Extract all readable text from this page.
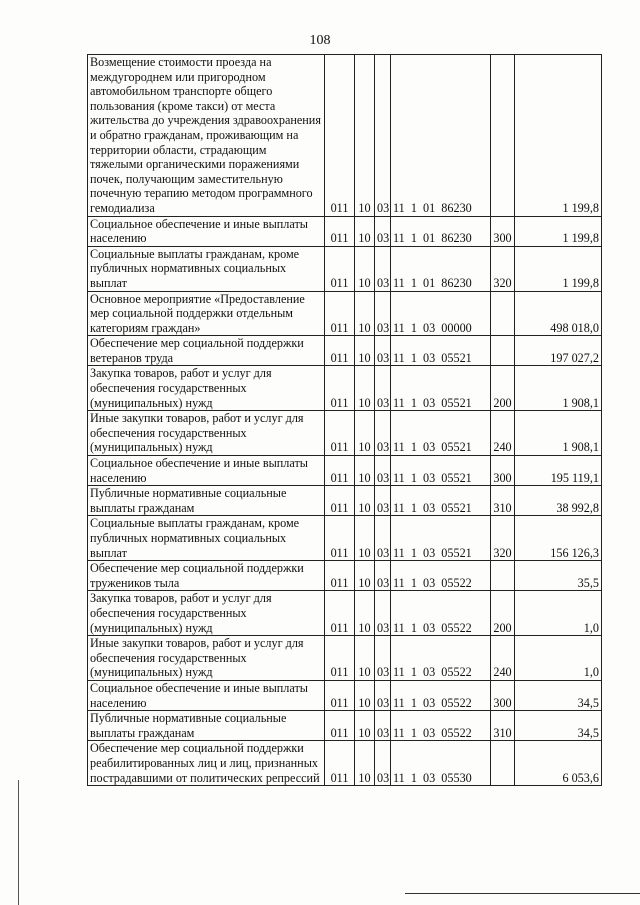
108
Возмещение стоимости проезда на междугороднем или пригородном автомобильном транспорте общего пользования (кроме такси) от места жительства до учреждения здравоохранения и обратно гражданам, проживающим на территории области, страдающим тяжелыми органическими поражениями почек, получающим заместительную почечную терапию методом программного гемодиализа	011	10	03	11  1  01  86230		1 199,8
Социальное обеспечение и иные выплаты населению	011	10	03	11  1  01  86230	300	1 199,8
Социальные выплаты гражданам, кроме публичных нормативных социальных выплат	011	10	03	11  1  01  86230	320	1 199,8
Основное мероприятие «Предоставление мер социальной поддержки отдельным категориям граждан»	011	10	03	11  1  03  00000		498 018,0
Обеспечение мер социальной поддержки ветеранов труда	011	10	03	11  1  03  05521		197 027,2
Закупка товаров, работ и услуг для обеспечения государственных (муниципальных) нужд	011	10	03	11  1  03  05521	200	1 908,1
Иные закупки товаров, работ и услуг для обеспечения государственных (муниципальных) нужд	011	10	03	11  1  03  05521	240	1 908,1
Социальное обеспечение и иные выплаты населению	011	10	03	11  1  03  05521	300	195 119,1
Публичные нормативные социальные выплаты гражданам	011	10	03	11  1  03  05521	310	38 992,8
Социальные выплаты гражданам, кроме публичных нормативных социальных выплат	011	10	03	11  1  03  05521	320	156 126,3
Обеспечение мер социальной поддержки тружеников тыла	011	10	03	11  1  03  05522		35,5
Закупка товаров, работ и услуг для обеспечения государственных (муниципальных) нужд	011	10	03	11  1  03  05522	200	1,0
Иные закупки товаров, работ и услуг для обеспечения государственных (муниципальных) нужд	011	10	03	11  1  03  05522	240	1,0
Социальное обеспечение и иные выплаты населению	011	10	03	11  1  03  05522	300	34,5
Публичные нормативные социальные выплаты гражданам	011	10	03	11  1  03  05522	310	34,5
Обеспечение мер социальной поддержки реабилитированных лиц и лиц, признанных пострадавшими от политических репрессий	011	10	03	11  1  03  05530		6 053,6
